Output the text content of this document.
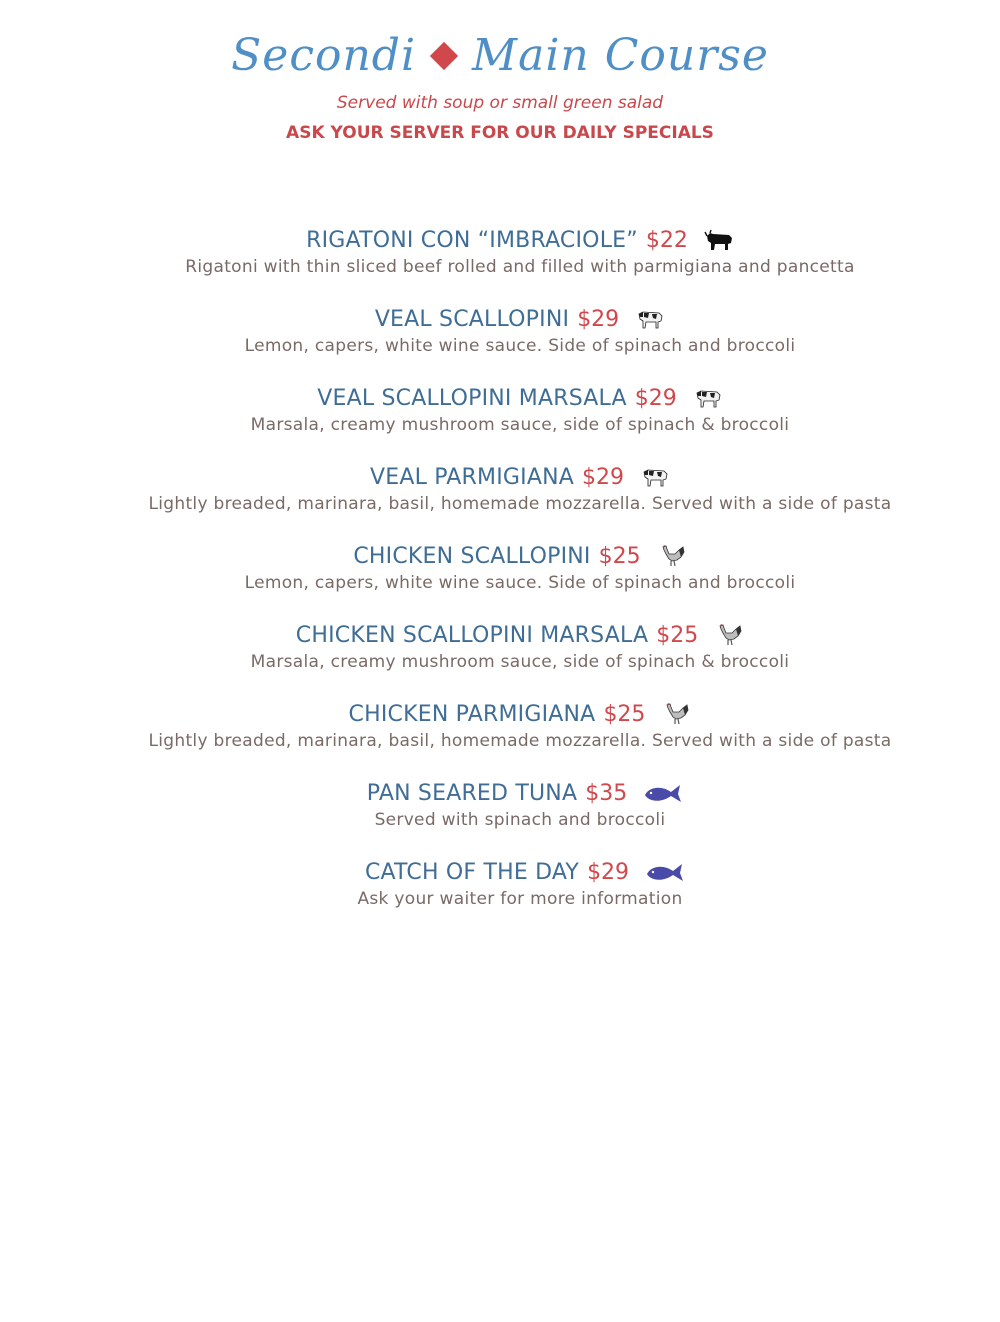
Secondi Main Course
Served with soup or small green salad
ASK YOUR SERVER FOR OUR DAILY SPECIALS
RIGATONI CON “IMBRACIOLE” $22
Rigatoni with thin sliced beef rolled and filled with parmigiana and pancetta
VEAL SCALLOPINI $29
Lemon, capers, white wine sauce. Side of spinach and broccoli
VEAL SCALLOPINI MARSALA $29
Marsala, creamy mushroom sauce, side of spinach & broccoli
VEAL PARMIGIANA $29
Lightly breaded, marinara, basil, homemade mozzarella. Served with a side of pasta
CHICKEN SCALLOPINI $25
Lemon, capers, white wine sauce. Side of spinach and broccoli
CHICKEN SCALLOPINI MARSALA $25
Marsala, creamy mushroom sauce, side of spinach & broccoli
CHICKEN PARMIGIANA $25
Lightly breaded, marinara, basil, homemade mozzarella. Served with a side of pasta
PAN SEARED TUNA $35
Served with spinach and broccoli
CATCH OF THE DAY $29
Ask your waiter for more information
